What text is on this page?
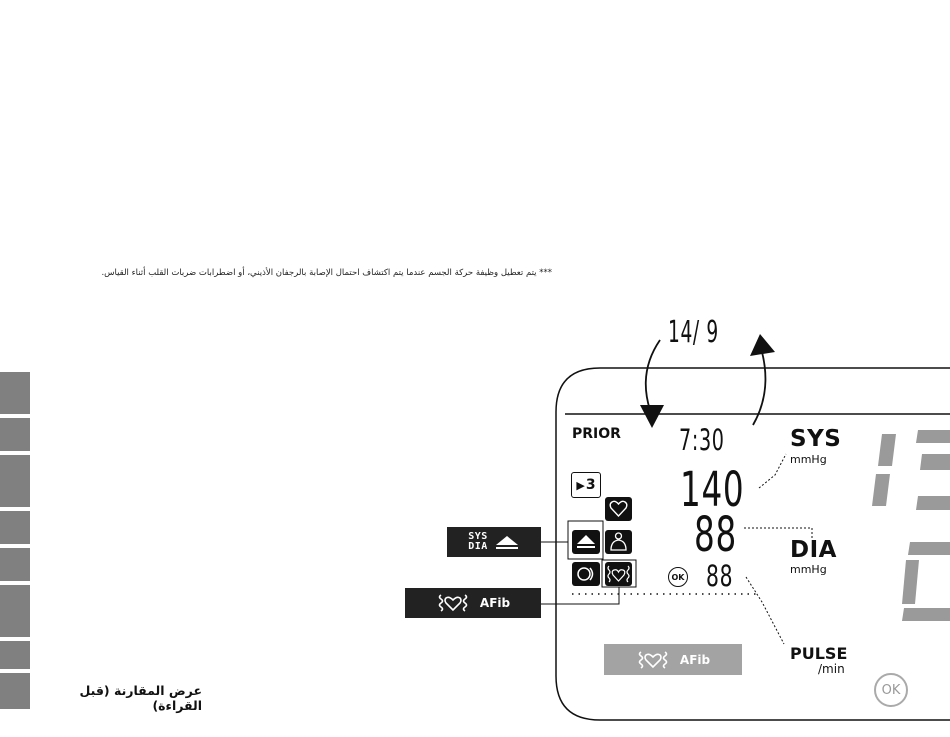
*** يتم تعطيل وظيفة حركة الجسم عندما يتم اكتشاف احتمال الإصابة بالرجفان الأذيني، أو اضطرابات ضربات القلب أثناء القياس.
عرض المقارنة (قبل القراءة)
SYS
DIA
AFib
14/ 9
PRIOR 7:30
▶ 3 140
88
OK 88
SYS
mmHg
DIA
mmHg
PULSE
/min
AFib
OK
